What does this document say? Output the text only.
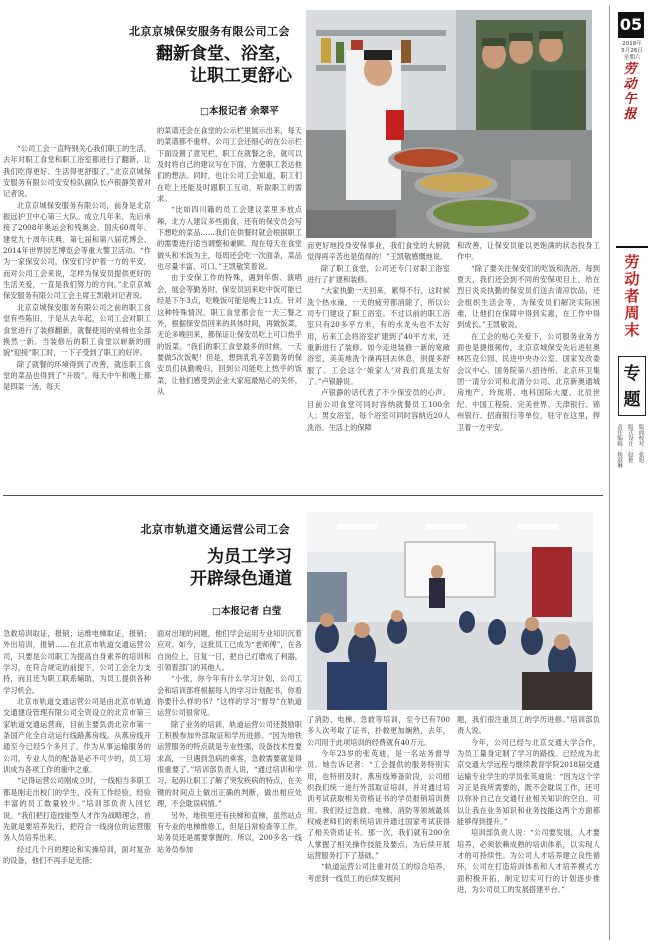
北京京城保安服务有限公司工会
翻新食堂、浴室，
让职工更舒心
□本报记者 余翠平

“公司工会一直特别关心我们职工的生活，去年对职工食堂和职工浴室都进行了翻新，让我们吃得更好、生活得更舒服了。”北京京城保安服务有限公司安安检队副队长卢银静笑着对记者说。

北京京城保安服务有限公司，前身是北京振远护卫中心第三大队。成立几年来，先后承接了2008年奥运会和残奥会、国庆60周年、建党九十周年庆典、第七届和第八届花博会、2014年世界园艺博览会等重大警卫活动。“作为一家保安公司，保安们守护着一方的平安，而对公司工会来说，怎样为保安员提供更好的生活关爱，一直是我们努力的方向。”北京京城保安服务有限公司工会主席王凯敬对记者说。

北京京城保安服务有限公司之前的职工食堂有些陈旧，于是从去年起，公司工会对职工食堂进行了装修翻新，就餐使用的桌椅也全部换然一新。当装修后的职工食堂以崭新的面貌“迎接”职工时，一下子受到了职工的好评。

除了就餐的环境得到了改善，就连职工食堂的菜品也得到了“升级”。每天中午和晚上都是四菜一汤，每天

的菜谱还会在食堂的公示栏里展示出来，每天的菜谱都不重样。公司工会还细心的在公示栏下面设置了意见栏，职工在就餐之余，就可以及时将自己的建议写在下面，方便职工表达他们的想法。同时，也让公司工会知道，职工们在吃上还能及时跟职工互动，听取职工的需求。

“比如四川籍的员工会建议菜里多放点辣，北方人建议多些面食，还有的保安员会写下想吃的菜品……我们在供餐时就会根据职工的需要进行适当调整和兼顾。现在每天在食堂做头和米饭为主，每周还会吃一次面条，菜品也尽量丰富、可口。”王凯敬笑着说。

由于安保工作的特殊，遇到年假、演唱会，展会等勤务时，保安员回来吃中饭可能已经是下午3点，吃晚饭可能是晚上11点。针对这种特殊情况，职工食堂都会在一天三餐之外，根据保安员回来的具体时间，再做饭菜，无论多晚回来，都保证让保安员吃上可口热乎的饭菜。“我们的职工食堂最多的时候，一天要做5次饭呢！但是，想到乳乳辛苦勤务的保安员们执勤晚归，回到公司能吃上热乎的饭菜，让他们感受到企业大家庭最贴心的关怀，从

而更好地投身安保事业，我们食堂的大厨就觉得再辛苦也是值得的！”王凯敬感慨地说。

除了职工食堂，公司还专门对职工浴室进行了扩建和装修。

“大家执勤一天回来，累得不行，这时候洗个热水澡，一天的疲劳都消除了，所以公司专门建设了职工浴室。不过以前的职工浴室只有20多平方米，有的水龙头也不太好用，后来工会将浴室扩建到了40平方米，还重新进行了装修。如今走进装修一新的宽敞浴室，美美地洗个澡再回去休息，别提多舒服了。工会这个‘娘家人’对我们真是太好了。”卢银静说。

卢银静的话代表了不少保安员的心声。目前公司食堂可同时容纳就餐员工100余人；男女浴室，每个浴室可同时容纳近20人洗浴。生活上的保障

和改善，让保安员能以更饱满的状态投身工作中。

“除了要关注保安们的吃饭和洗浴，每到夏天，我们还会到不同的安保项目上，给在烈日炎炎执勤的保安员们送去清凉饮品，还会组织生活会等，为保安员们解决实际困难，让他们在保障中得到实惠，在工作中得到成长。”王凯敬说。

在工会的贴心关爱下，公司服务业务方面也是捷报频传，北京京城保安先后进驻奥林匹克公园、民进中央办公室、国家发改委会议中心、国务院第八招待所、北京环卫集团一清分公司和北清分公司、北京新奥通城房地产、玲珑塔、电科国际大厦、北辰世纪、中国工程院、完美世界、天津银行、锦州银行、招商银行等单位，驻守在这里，捍卫着一方平安。

北京市轨道交通运营公司工会
为员工学习
开辟绿色通道
□本报记者 白莹

急救培训取证，报销；运维电梯取证，报销；外出培训，报销……在北京市轨道交通运营公司，只要是公司职工为提高自身素养的培训和学习，在符合规定的前提下，公司工会全力支持，而且还为职工联系辅助，为员工提供各种学习机会。

北京市轨道交通运营公司是由北京市轨道交通建设管理有限公司全资设立的北京市第三家轨道交通运营商，目前主要负责北京市第一条国产化全自动运行线路燕房线。从燕房线开通至今已经5个多月了，作为从事运输服务的公司，专业人员的配备是必不可少的，员工培训成为各项工作的重中之重。

“记得运营公司刚成立时，一线相当多职工都是刚走出校门的学生，没有工作经验，经验丰富的员工数量较少。”培训部负责人回忆说。“我们把打造技能型人才作为战略理念，首先就是要培养先行，把符合一线岗位的运营服务人员培养出来。

经过几个月的理论和实操培训，面对复杂的设备，他们不再手足无措；

面对出现的问题，他们学会运用专业知识沉着应对。如今，这批员工已成为“老师傅”，在各自岗位上，日复一日，把自己打磨成了利器，引领着部门的其他人。

“小张，你今年有什么学习计划，公司工会和培训部将根据每人的学习计划配书，你看你要什么样的书？”这样的学习“督导”在轨道运营公司很常见。

除了业务的培训，轨道运营公司还鼓励职工积极参加外部取证和学历进修。“因为地铁运营服务的特点就是专业性强，设备技术性要求高，一旦遇到急病的乘客，急救需要就显得很重要了。”培训部负责人说，“通过培训和学习，起码让职工了解了突发疾病的特点，在关键的时间点上做出正确的判断，做出相应处理，不会耽误病情。”

另外，地铁里还有扶梯和直梯，虽然站点有专业的电梯维修工，但是日常检查等工作，站务员还是需要掌握的。所以，200多名一线站务员参加

了消防、电梯、急救等培训，至今已有700多人次考取了证书，扑救更加娴熟，去年，公司用于此项培训的经费就有40万元。

今年23岁的张英迪，是一名站务督导员。她告诉记者：“工会提供的服务特别实用，也特别及时。燕房线筹备阶段，公司组织我们统一进行外部取证培训，并对通过培训考试获取相关资格证书的学员报销培训费用。我们经过急救、电梯、消防等领域最具权威老师们的系统培训并通过国家考试获得了相关资质证书。那一次，我们就有200余人掌握了相关操作技能及要点，为后续开展运营服务打下了基础。”

“轨道运营公司注重对员工的综合培养，考虑到一线员工的后续发展问

题，我们很注重员工的学历进修。”培训部负责人说。

今年，公司已经与北京交通大学合作，为员工量身定制了学习的路线。已经成为北京交通大学远程与继续教育学院2018届交通运输专业学生的学员张英迪说：“因为这个学习正是我所需要的，既不会耽误工作，还可以弥补自己在交通行业相关知识的空白。可以让我在业务知识和业务技能这两个方面都能够得到提升。”

培训部负责人说：“公司要发展，人才要培养，必须依赖成熟的培训体系，以实现人才的可持续性。为公司人才培养建立良性循环，公司在打造培训体系和人才培养模式方面积极开拓，制定切实可行的计划逐步推进，为公司员工的发展搭建平台。”

05
2018年
5月26日
星期六
劳动午报
劳动者周末
专题
责任编辑：杨淑琳 版式设计：赵艳 版面校对：张旭
